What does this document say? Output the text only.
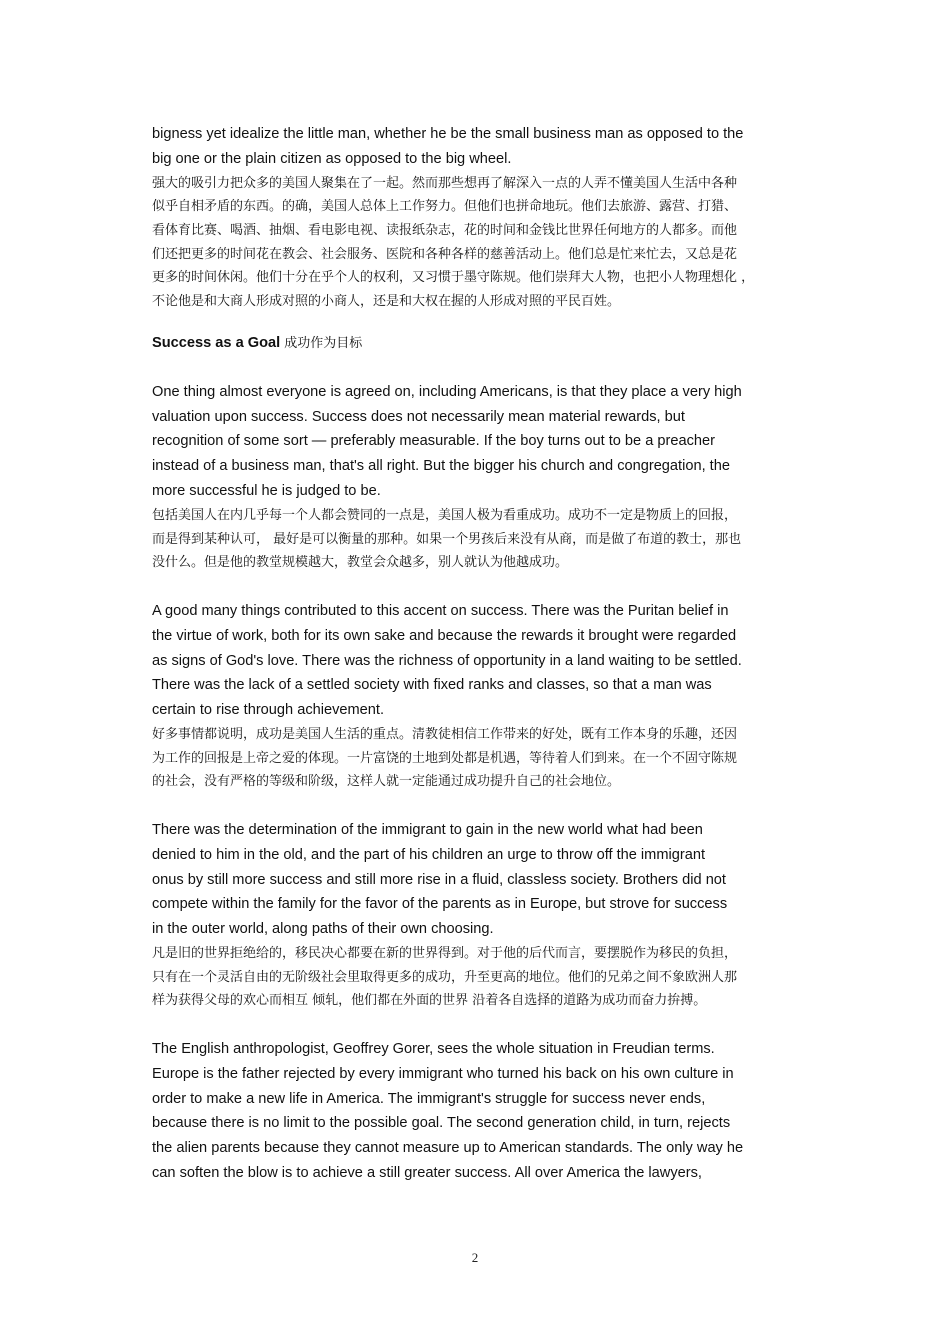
bigness yet idealize the little man, whether he be the small business man as opposed to the

big one or the plain citizen as opposed to the big wheel.

强大的吸引力把众多的美国人聚集在了一起。然而那些想再了解深入一点的人弄不懂美国人生活中各种

似乎自相矛盾的东西。的确，美国人总体上工作努力。但他们也拼命地玩。他们去旅游、露营、打猎、

看体育比赛、喝酒、抽烟、看电影电视、读报纸杂志，花的时间和金钱比世界任何地方的人都多。而他

们还把更多的时间花在教会、社会服务、医院和各种各样的慈善活动上。他们总是忙来忙去，又总是花

更多的时间休闲。他们十分在乎个人的权利，又习惯于墨守陈规。他们崇拜大人物，也把小人物理想化 ，

不论他是和大商人形成对照的小商人，还是和大权在握的人形成对照的平民百姓。

Success as a Goal 成功作为目标

One thing almost everyone is agreed on, including Americans, is that they place a very high

valuation upon success. Success does not necessarily mean material rewards, but

recognition of some sort ― preferably measurable. If the boy turns out to be a preacher

instead of a business man, that's all right. But the bigger his church and congregation, the

more successful he is judged to be.

包括美国人在内几乎每一个人都会赞同的一点是，美国人极为看重成功。成功不一定是物质上的回报，

而是得到某种认可， 最好是可以衡量的那种。如果一个男孩后来没有从商，而是做了布道的教士，那也

没什么。但是他的教堂规模越大，教堂会众越多，别人就认为他越成功。

A good many things contributed to this accent on success. There was the Puritan belief in

the virtue of work, both for its own sake and because the rewards it brought were regarded

as signs of God's love. There was the richness of opportunity in a land waiting to be settled.

There was the lack of a settled society with fixed ranks and classes, so that a man was

certain to rise through achievement.

好多事情都说明，成功是美国人生活的重点。清教徒相信工作带来的好处，既有工作本身的乐趣，还因

为工作的回报是上帝之爱的体现。一片富饶的土地到处都是机遇，等待着人们到来。在一个不固守陈规

的社会，没有严格的等级和阶级，这样人就一定能通过成功提升自己的社会地位。

There was the determination of the immigrant to gain in the new world what had been

denied to him in the old, and the part of his children an urge to throw off the immigrant

onus by still more success and still more rise in a fluid, classless society. Brothers did not

compete within the family for the favor of the parents as in Europe, but strove for success

in the outer world, along paths of their own choosing.

凡是旧的世界拒绝给的，移民决心都要在新的世界得到。对于他的后代而言，要摆脱作为移民的负担，

只有在一个灵活自由的无阶级社会里取得更多的成功，升至更高的地位。他们的兄弟之间不象欧洲人那

样为获得父母的欢心而相互 倾轧，他们都在外面的世界 沿着各自选择的道路为成功而奋力拚搏。

The English anthropologist, Geoffrey Gorer, sees the whole situation in Freudian terms.

Europe is the father rejected by every immigrant who turned his back on his own culture in

order to make a new life in America. The immigrant's struggle for success never ends,

because there is no limit to the possible goal. The second generation child, in turn, rejects

the alien parents because they cannot measure up to American standards. The only way he

can soften the blow is to achieve a still greater success. All over America the lawyers,

2
